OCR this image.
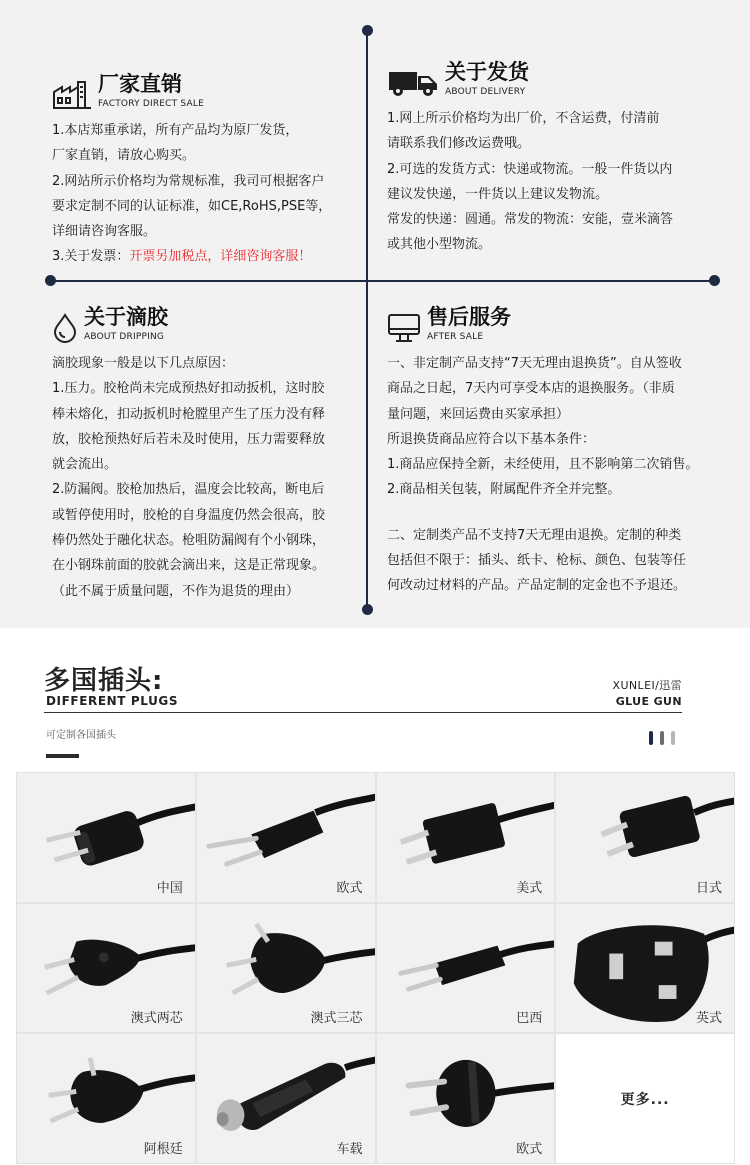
厂家直销
FACTORY DIRECT SALE
1.本店郑重承诺，所有产品均为原厂发货，
厂家直销，请放心购买。
2.网站所示价格均为常规标准，我司可根据客户
要求定制不同的认证标准，如CE,RoHS,PSE等，
详细请咨询客服。
3.关于发票：开票另加税点，详细咨询客服！
关于发货
ABOUT DELIVERY
1.网上所示价格均为出厂价，不含运费，付清前
请联系我们修改运费哦。
2.可选的发货方式：快递或物流。一般一件货以内
建议发快递，一件货以上建议发物流。
常发的快递：圆通。常发的物流：安能，壹米滴答
或其他小型物流。
关于滴胶
ABOUT DRIPPING
滴胶现象一般是以下几点原因：
1.压力。胶枪尚未完成预热好扣动扳机，这时胶
棒未熔化，扣动扳机时枪膛里产生了压力没有释
放，胶枪预热好后若未及时使用，压力需要释放
就会流出。
2.防漏阀。胶枪加热后，温度会比较高，断电后
或暂停使用时，胶枪的自身温度仍然会很高，胶
棒仍然处于融化状态。枪咀防漏阀有个小钢珠，
在小钢珠前面的胶就会滴出来，这是正常现象。
（此不属于质量问题，不作为退货的理由）
售后服务
AFTER SALE
一、非定制产品支持“7天无理由退换货”。自从签收
商品之日起，7天内可享受本店的退换服务。（非质
量问题，来回运费由买家承担）
所退换货商品应符合以下基本条件：
1.商品应保持全新，未经使用，且不影响第二次销售。
2.商品相关包装，附属配件齐全并完整。
二、定制类产品不支持7天无理由退换。定制的种类
包括但不限于：插头、纸卡、枪标、颜色、包装等任
何改动过材料的产品。产品定制的定金也不予退还。
多国插头:
DIFFERENT PLUGS
XUNLEI/迅雷
GLUE GUN
可定制各国插头
中国	欧式	美式	日式
澳式两芯	澳式三芯	巴西	英式
阿根廷	车载	欧式
更多...
